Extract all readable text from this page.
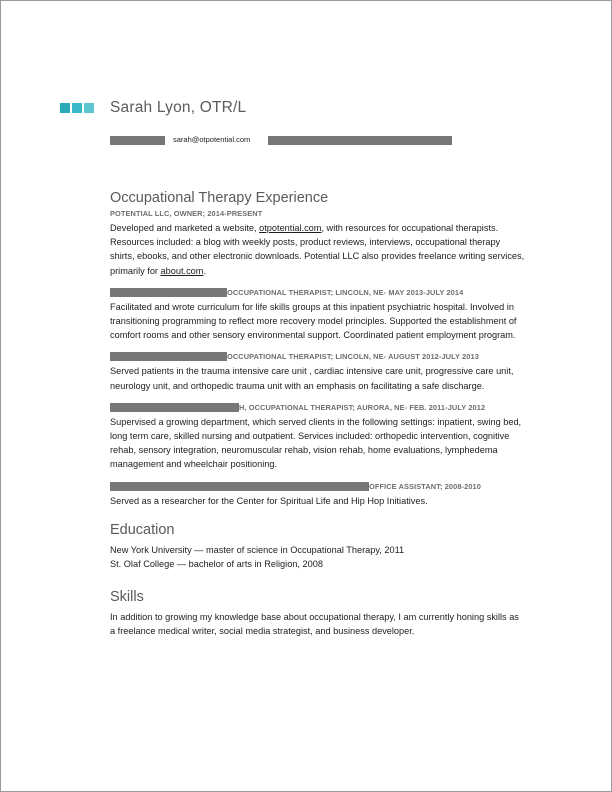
Sarah Lyon, OTR/L
sarah@otpotential.com
Occupational Therapy Experience
POTENTIAL LLC, OWNER; 2014-PRESENT

Developed and marketed a website, otpotential.com, with resources for occupational therapists. Resources included: a blog with weekly posts, product reviews, interviews, occupational therapy shirts, ebooks, and other electronic downloads. Potential LLC also provides freelance writing services, primarily for about.com.

OCCUPATIONAL THERAPIST; LINCOLN, NE- MAY 2013-JULY 2014

Facilitated and wrote curriculum for life skills groups at this inpatient psychiatric hospital. Involved in transitioning programming to reflect more recovery model principles. Supported the establishment of comfort rooms and other sensory environmental support. Coordinated patient employment program.

OCCUPATIONAL THERAPIST; LINCOLN, NE- AUGUST 2012-JULY 2013

Served patients in the trauma intensive care unit , cardiac intensive care unit, progressive care unit, neurology unit, and orthopedic trauma unit with an emphasis on facilitating a safe discharge.

H, OCCUPATIONAL THERAPIST; AURORA, NE- FEB. 2011-JULY 2012

Supervised a growing department, which served clients in the following settings: inpatient, swing bed, long term care, skilled nursing and outpatient. Services included: orthopedic intervention, cognitive rehab, sensory integration, neuromuscular rehab, vision rehab, home evaluations, lymphedema management and wheelchair positioning.

OFFICE ASSISTANT; 2008-2010

Served as a researcher for the Center for Spiritual Life and Hip Hop Initiatives.

Education
New York University — master of science in Occupational Therapy, 2011
St. Olaf College — bachelor of arts in Religion, 2008
Skills

In addition to growing my knowledge base about occupational therapy, I am currently honing skills as a freelance medical writer, social media strategist, and business developer.
